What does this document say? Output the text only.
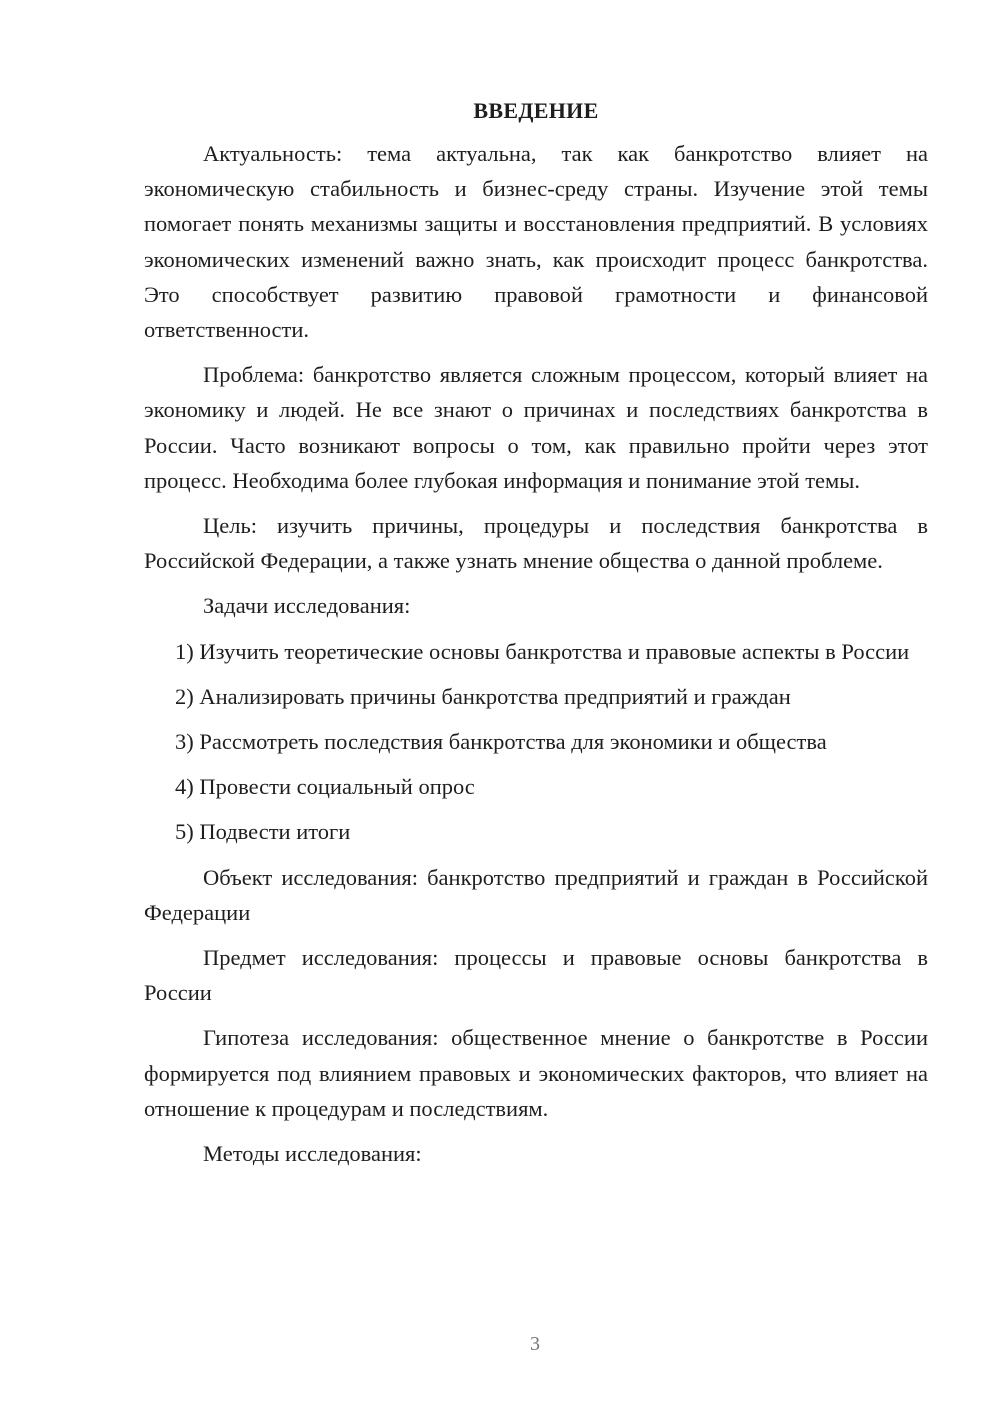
ВВЕДЕНИЕ

Актуальность: тема актуальна, так как банкротство влияет на экономическую стабильность и бизнес-среду страны. Изучение этой темы помогает понять механизмы защиты и восстановления предприятий. В условиях экономических изменений важно знать, как происходит процесс банкротства. Это способствует развитию правовой грамотности и финансовой ответственности.

Проблема: банкротство является сложным процессом, который влияет на экономику и людей. Не все знают о причинах и последствиях банкротства в России. Часто возникают вопросы о том, как правильно пройти через этот процесс. Необходима более глубокая информация и понимание этой темы.

Цель: изучить причины, процедуры и последствия банкротства в Российской Федерации, а также узнать мнение общества о данной проблеме.

Задачи исследования:

1) Изучить теоретические основы банкротства и правовые аспекты в России

2) Анализировать причины банкротства предприятий и граждан

3) Рассмотреть последствия банкротства для экономики и общества

4) Провести социальный опрос

5) Подвести итоги

Объект исследования: банкротство предприятий и граждан в Российской Федерации

Предмет исследования: процессы и правовые основы банкротства в России

Гипотеза исследования: общественное мнение о банкротстве в России формируется под влиянием правовых и экономических факторов, что влияет на отношение к процедурам и последствиям.

Методы исследования:

3
